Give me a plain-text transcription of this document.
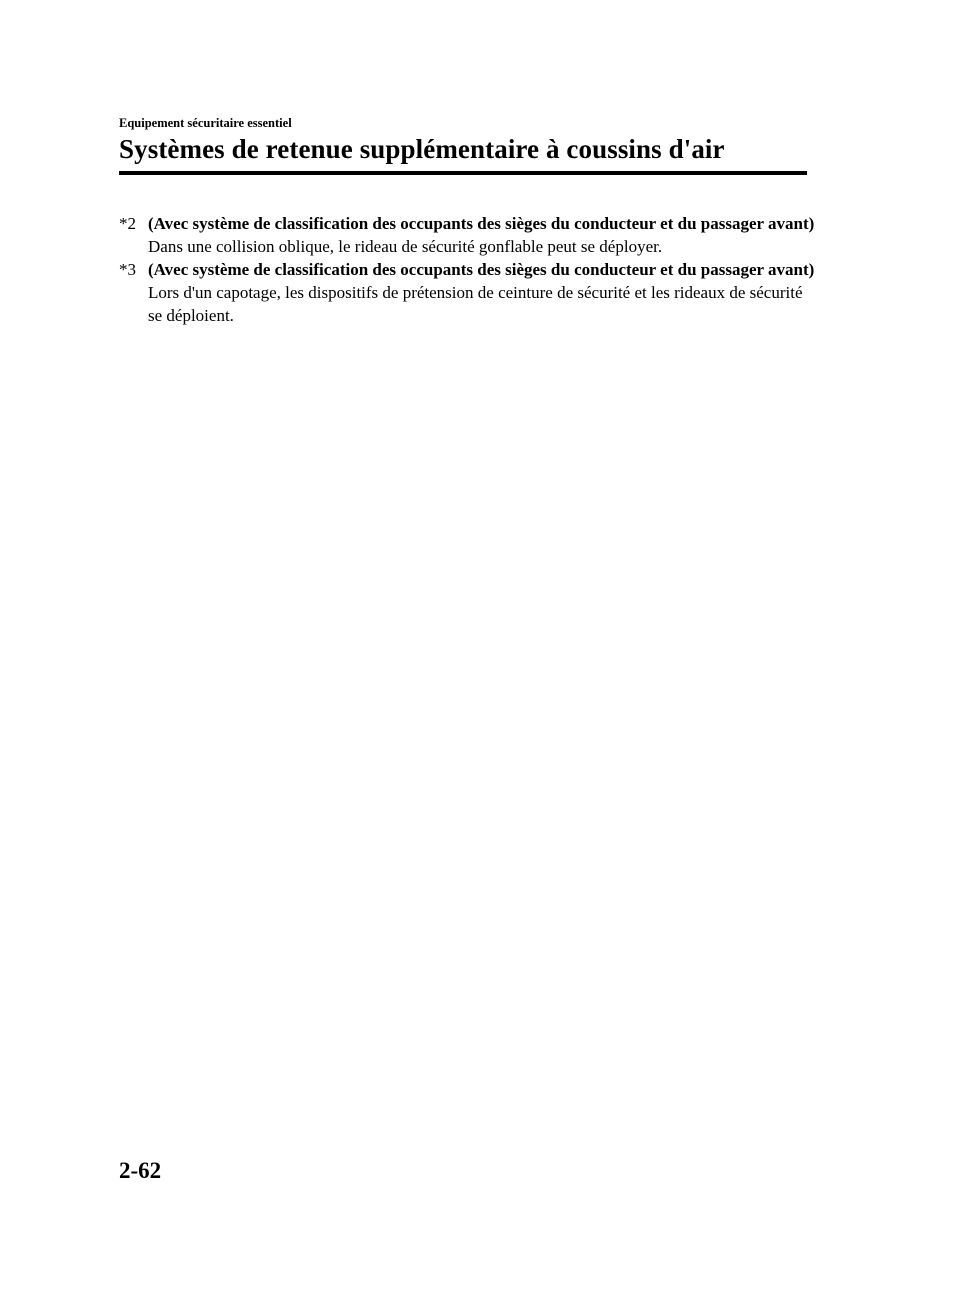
Equipement sécuritaire essentiel
Systèmes de retenue supplémentaire à coussins d'air
*2 (Avec système de classification des occupants des sièges du conducteur et du passager avant)
Dans une collision oblique, le rideau de sécurité gonflable peut se déployer.
*3 (Avec système de classification des occupants des sièges du conducteur et du passager avant)
Lors d'un capotage, les dispositifs de prétension de ceinture de sécurité et les rideaux de sécurité se déploient.
2-62
